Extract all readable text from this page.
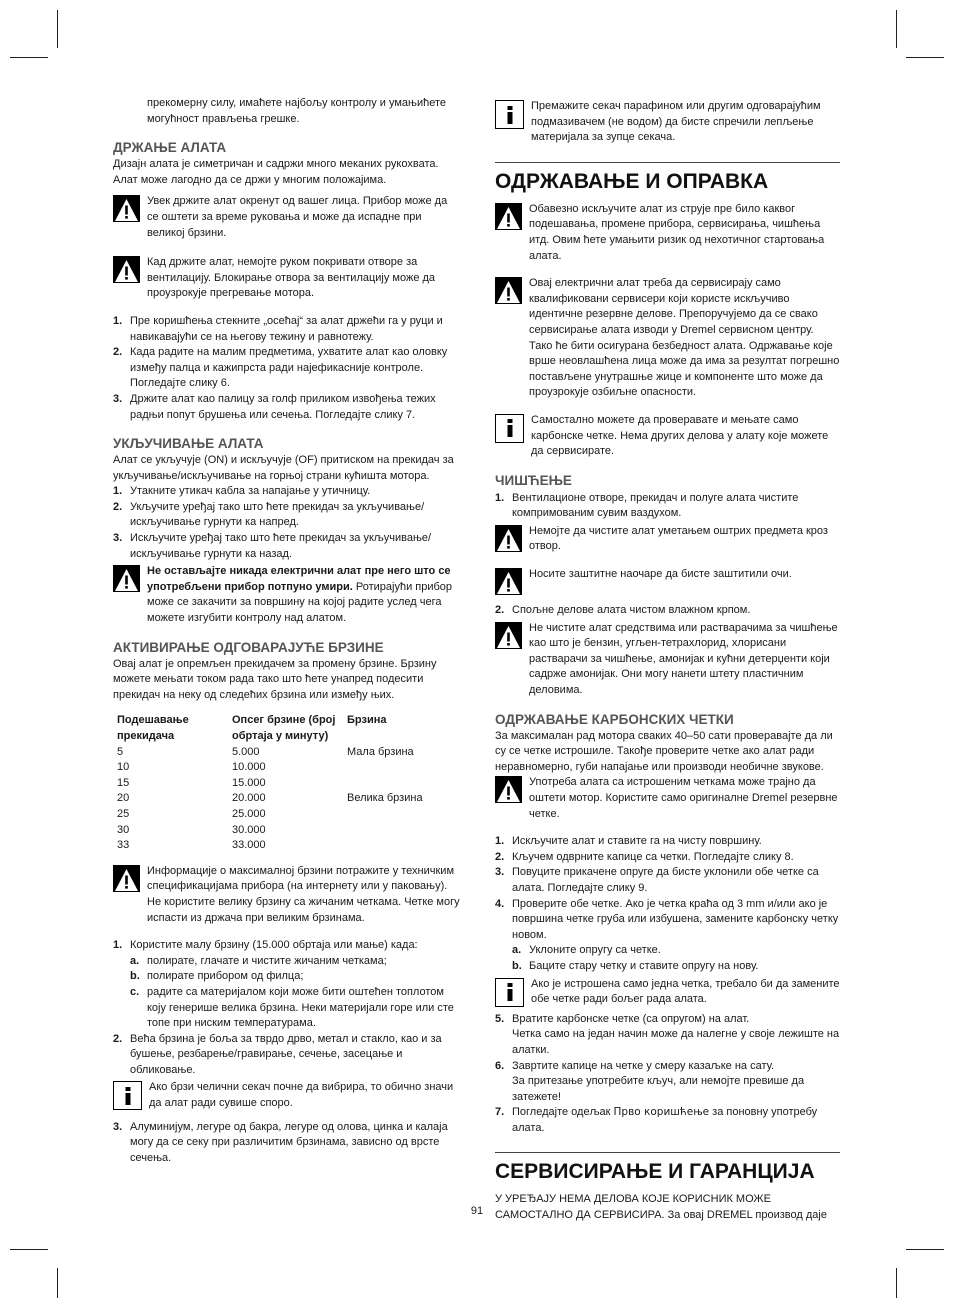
прекомерну силу, имаћете најбољу контролу и умањићете могућност прављења грешке.

ДРЖАЊЕ АЛАТА

Дизајн алата је симетричан и садржи много меканих рукохвата. Алат може лагодно да се држи у многим положајима.

Увек држите алат окренут од вашег лица. Прибор може да се оштети за време руковања и може да испадне при великој брзини.
Кад држите алат, немојте руком покривати отворе за вентилацију. Блокирање отвора за вентилацију може да проузрокује прегревање мотора.
1. Пре коришћења стекните „осећај“ за алат држећи га у руци и навикавајући се на његову тежину и равнотежу.
2. Када радите на малим предметима, ухватите алат као оловку између палца и кажипрста ради најефикасније контроле. Погледајте слику 6.
3. Држите алат као палицу за голф приликом извођења тежих радњи попут брушења или сечења. Погледајте слику 7.
УКЉУЧИВАЊЕ АЛАТА

Алат се укључује (ON) и искључује (OF) притиском на прекидач за укључивање/искључивање на горњој страни кућишта мотора.

1. Утакните утикач кабла за напајање у утичницу.
2. Укључите уређај тако што ћете прекидач за укључивање/искључивање гурнути ка напред.
3. Искључите уређај тако што ћете прекидач за укључивање/искључивање гурнути ка назад.
Не остављајте никада електрични алат пре него што се употребљени прибор потпуно умири. Ротирајући прибор може се закачити за површину на којој радите услед чега можете изгубити контролу над алатом.
АКТИВИРАЊЕ ОДГОВАРАЈУЋЕ БРЗИНЕ

Овај алат је опремљен прекидачем за промену брзине. Брзину можете мењати током рада тако што ћете унапред подесити прекидач на неку од следећих брзина или између њих.

Подешавање прекидача	Опсег брзине (број обртаја у минуту)	Брзина
5	5.000	Мала брзина
10	10.000	
15	15.000	
20	20.000	Велика брзина
25	25.000	
30	30.000	
33	33.000	
Информације о максималној брзини потражите у техничким спецификацијама прибора (на интернету или у паковању). Не користите велику брзину са жичаним четкама. Четке могу испасти из држача при великим брзинама.
1. Користите малу брзину (15.000 обртаја или мање) када:
a. полирате, глачате и чистите жичаним четкама;
b. полирате прибором од филца;
c. радите са материјалом који може бити оштећен топлотом коју генерише велика брзина. Неки материјали горе или сте топе при ниским температурама.
2. Већа брзина је боља за тврдо дрво, метал и стакло, као и за бушење, резбарење/гравирање, сечење, засецање и обликовање.
Ако брзи челични секач почне да вибрира, то обично значи да алат ради сувише споро.
3. Алуминијум, легуре од бакра, легуре од олова, цинка и калаја могу да се секу при различитим брзинама, зависно од врсте сечења.
Премажите секач парафином или другим одговарајућим подмазивачем (не водом) да бисте спречили лепљење материјала за зупце секача.
ОДРЖАВАЊЕ И ОПРАВКА
Обавезно искључите алат из струје пре било каквог подешавања, промене прибора, сервисирања, чишћења итд. Овим ћете умањити ризик од нехотичног стартовања алата.
Овај електрични алат треба да сервисирају само квалификовани сервисери који користе искључиво идентичне резервне делове. Препоручујемо да се свако сервисирање алата изводи у Dremel сервисном центру. Тако ће бити осигурана безбедност алата. Одржавање које врше неовлашћена лица може да има за резултат погрешно постављене унутрашње жице и компоненте што може да проузрокује озбиљне опасности.
Самостално можете да проверавате и мењате само карбонске четке. Нема других делова у алату које можете да сервисирате.
ЧИШЋЕЊЕ
1. Вентилационе отворе, прекидач и полуге алата чистите компримованим сувим ваздухом.
Немојте да чистите алат уметањем оштрих предмета кроз отвор.
Носите заштитне наочаре да бисте заштитили очи.
2. Спољне делове алата чистом влажном крпом.
Не чистите алат средствима или растварачима за чишћење као што је бензин, угљен-тетрахлорид, хлорисани растварачи за чишћење, амонијак и кућни детерџенти који садрже амонијак. Они могу нанети штету пластичним деловима.
ОДРЖАВАЊЕ КАРБОНСКИХ ЧЕТКИ

За максималан рад мотора сваких 40–50 сати проверавајте да ли су се четке истрошиле. Такође проверите четке ако алат ради неравномерно, губи напајање или производи необичне звукове.

Употреба алата са истрошеним четкама може трајно да оштети мотор. Користите само оригиналне Dremel резервне четке.
1. Искључите алат и ставите га на чисту површину.
2. Кључем одврните капице са четки. Погледајте слику 8.
3. Повуците прикачене опруге да бисте уклонили обе четке са алата. Погледајте слику 9.
4. Проверите обе четке. Ако је четка краћа од 3 mm и/или ако је површина четке груба или избушена, замените карбонску четку новом.
a. Уклоните опругу са четке.
b. Баците стару четку и ставите опругу на нову.
Ако је истрошена само једна четка, требало би да замените обе четке ради бољег рада алата.
5. Вратите карбонске четке (са опругом) на алат.
Четка само на један начин може да налегне у своје лежиште на алатки.
6. Завртите капице на четке у смеру казаљке на сату.
За притезање употребите кључ, али немојте превише да затежете!
7. Погледајте одељак Прво коришћење за поновну употребу алата.
СЕРВИСИРАЊЕ И ГАРАНЦИЈА

У УРЕЂАЈУ НЕМА ДЕЛОВА КОЈЕ КОРИСНИК МОЖЕ САМОСТАЛНО ДА СЕРВИСИРА. За овај DREMEL производ даје

91
